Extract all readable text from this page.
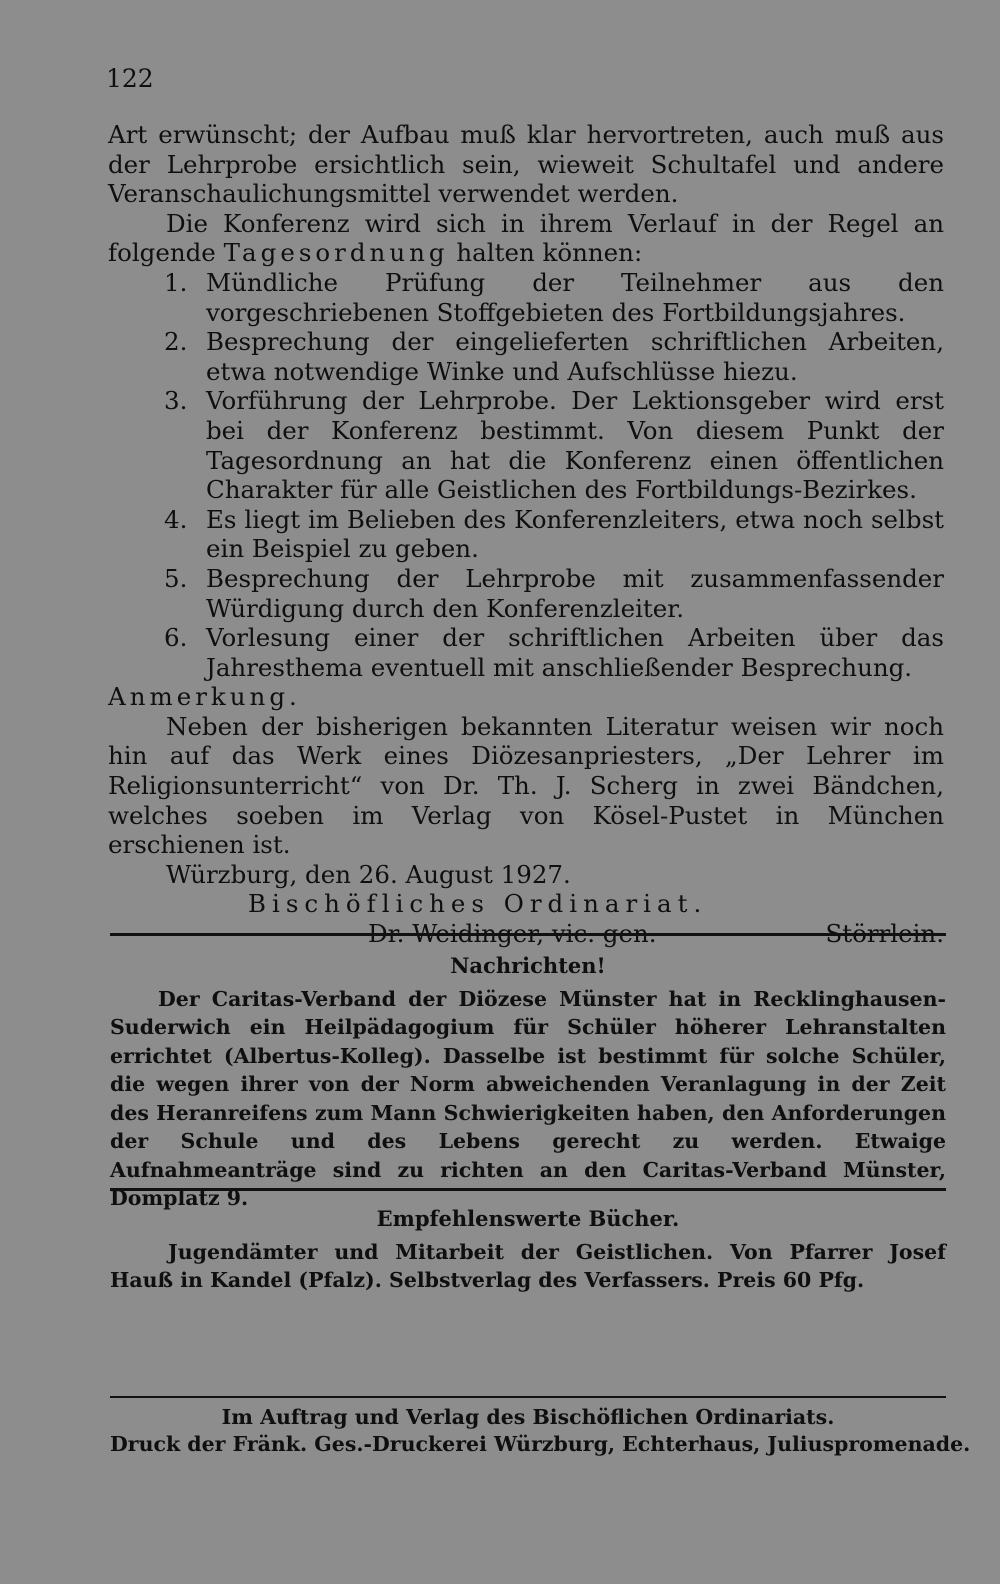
122

Art erwünscht; der Aufbau muß klar hervortreten, auch muß aus der Lehrprobe ersichtlich sein, wieweit Schultafel und andere Veranschaulichungsmittel verwendet werden.

Die Konferenz wird sich in ihrem Verlauf in der Regel an folgende Tagesordnung halten können:

1. Mündliche Prüfung der Teilnehmer aus den vorgeschriebenen Stoffgebieten des Fortbildungsjahres.
2. Besprechung der eingelieferten schriftlichen Arbeiten, etwa notwendige Winke und Aufschlüsse hiezu.
3. Vorführung der Lehrprobe. Der Lektionsgeber wird erst bei der Konferenz bestimmt. Von diesem Punkt der Tagesordnung an hat die Konferenz einen öffentlichen Charakter für alle Geistlichen des Fortbildungs-Bezirkes.
4. Es liegt im Belieben des Konferenzleiters, etwa noch selbst ein Beispiel zu geben.
5. Besprechung der Lehrprobe mit zusammenfassender Würdigung durch den Konferenzleiter.
6. Vorlesung einer der schriftlichen Arbeiten über das Jahresthema eventuell mit anschließender Besprechung.

Anmerkung.

Neben der bisherigen bekannten Literatur weisen wir noch hin auf das Werk eines Diözesanpriesters, „Der Lehrer im Religionsunterricht“ von Dr. Th. J. Scherg in zwei Bändchen, welches soeben im Verlag von Kösel-Pustet in München erschienen ist.

Würzburg, den 26. August 1927.

Bischöfliches Ordinariat.

Dr. Weidinger, vic. gen.	Störrlein.
Nachrichten!

Der Caritas-Verband der Diözese Münster hat in Recklinghausen-Suderwich ein Heilpädagogium für Schüler höherer Lehranstalten errichtet (Albertus-Kolleg). Dasselbe ist bestimmt für solche Schüler, die wegen ihrer von der Norm abweichenden Veranlagung in der Zeit des Heranreifens zum Mann Schwierigkeiten haben, den Anforderungen der Schule und des Lebens gerecht zu werden. Etwaige Aufnahmeanträge sind zu richten an den Caritas-Verband Münster, Domplatz 9.

Empfehlenswerte Bücher.

Jugendämter und Mitarbeit der Geistlichen. Von Pfarrer Josef Hauß in Kandel (Pfalz). Selbstverlag des Verfassers. Preis 60 Pfg.

Im Auftrag und Verlag des Bischöflichen Ordinariats.
Druck der Fränk. Ges.-Druckerei Würzburg, Echterhaus, Juliuspromenade.
